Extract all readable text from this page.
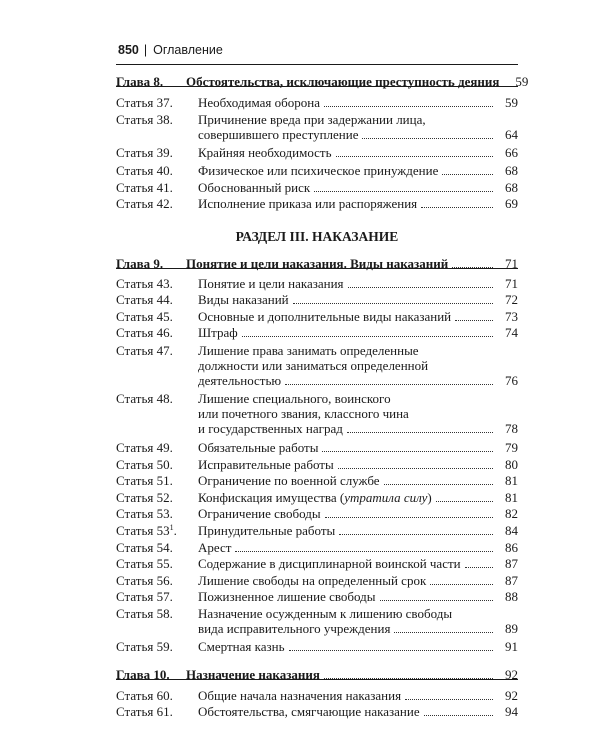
850 | Оглавление
РАЗДЕЛ III. НАКАЗАНИЕ
Глава 8. Обстоятельства, исключающие преступность деяния	59
Статья 37. Необходимая оборона	59
Статья 38. Причинение вреда при задержании лица,
совершившего преступление	64
Статья 39. Крайняя необходимость	66
Статья 40. Физическое или психическое принуждение	68
Статья 41. Обоснованный риск	68
Статья 42. Исполнение приказа или распоряжения	69
Глава 9. Понятие и цели наказания. Виды наказаний	71
Статья 43. Понятие и цели наказания	71
Статья 44. Виды наказаний	72
Статья 45. Основные и дополнительные виды наказаний	73
Статья 46. Штраф	74
Статья 47. Лишение права занимать определенные
должности или заниматься определенной
деятельностью	76
Статья 48. Лишение специального, воинского
или почетного звания, классного чина
и государственных наград	78
Статья 49. Обязательные работы	79
Статья 50. Исправительные работы	80
Статья 51. Ограничение по военной службе	81
Статья 52. Конфискация имущества (утратила силу)	81
Статья 53. Ограничение свободы	82
Статья $53^1$. Принудительные работы	84
Статья 54. Арест	86
Статья 55. Содержание в дисциплинарной воинской части	87
Статья 56. Лишение свободы на определенный срок	87
Статья 57. Пожизненное лишение свободы	88
Статья 58. Назначение осужденным к лишению свободы
вида исправительного учреждения	89
Статья 59. Смертная казнь	91
Глава 10. Назначение наказания	92
Статья 60. Общие начала назначения наказания	92
Статья 61. Обстоятельства, смягчающие наказание	94
